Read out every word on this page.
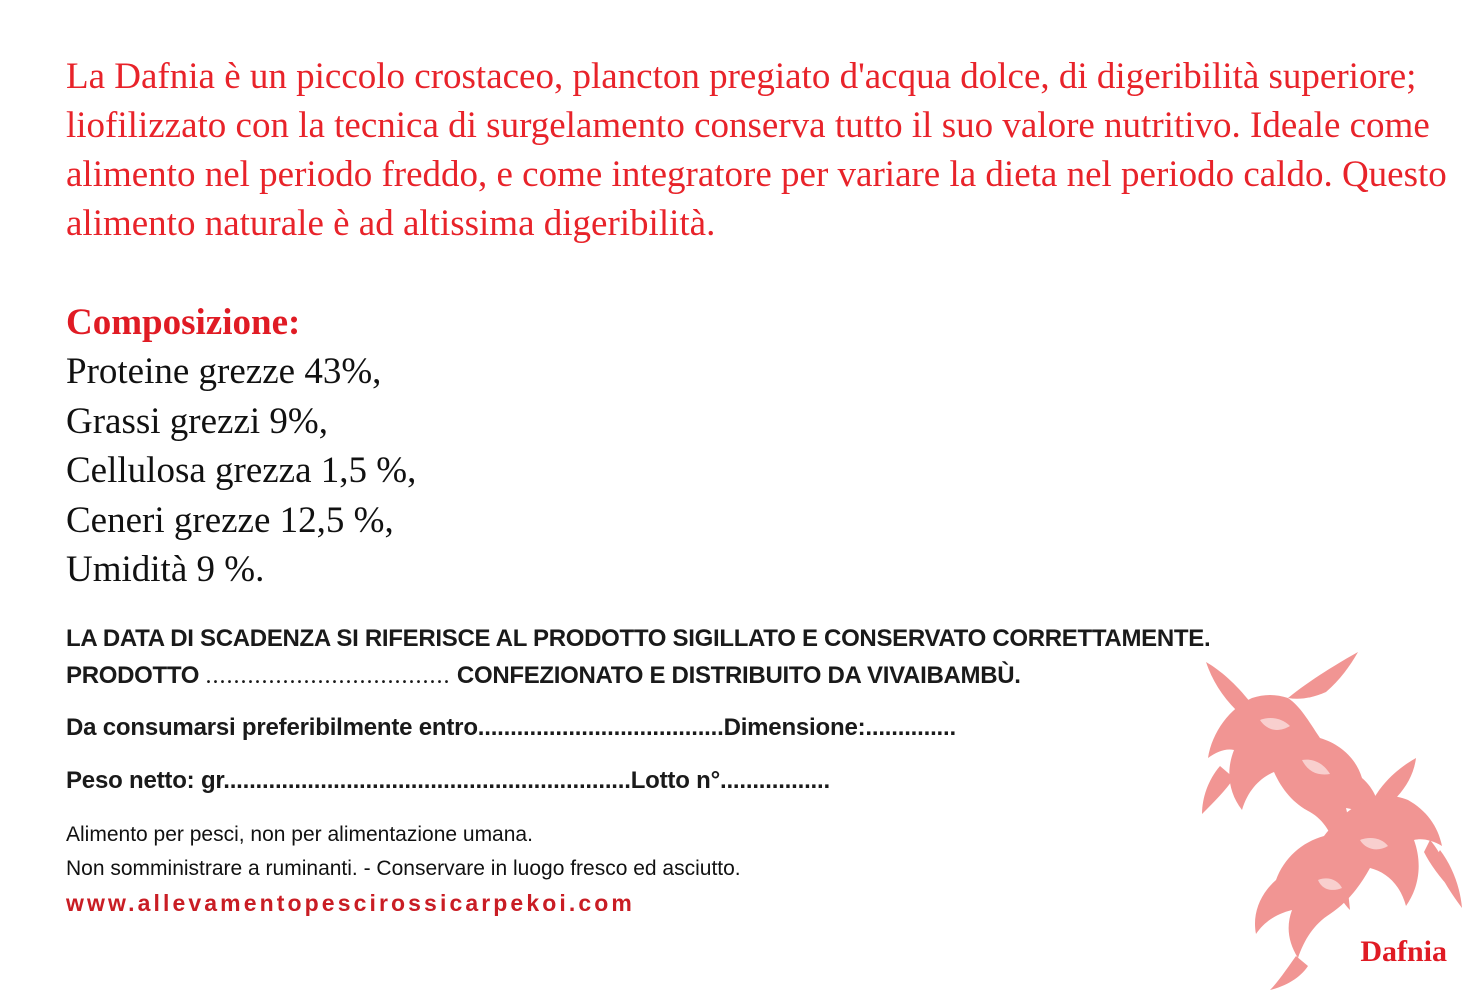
La Dafnia è un piccolo crostaceo, plancton pregiato d'acqua dolce, di digeribilità superiore; liofilizzato con la tecnica di surgelamento conserva tutto il suo valore nutritivo. Ideale come alimento nel periodo freddo, e come integratore per variare la dieta nel periodo caldo. Questo alimento naturale è ad altissima digeribilità.

Composizione:
Proteine grezze 43%,
Grassi grezzi 9%,
Cellulosa grezza 1,5 %,
Ceneri grezze 12,5 %,
Umidità 9 %.
LA DATA DI SCADENZA SI RIFERISCE AL PRODOTTO SIGILLATO E CONSERVATO CORRETTAMENTE.
PRODOTTO ................................... CONFEZIONATO E DISTRIBUITO DA VIVAIBAMBÙ.
Da consumarsi preferibilmente entro......................................Dimensione:..............
Peso netto: gr...............................................................Lotto n°.................
Alimento per pesci, non per alimentazione umana.
Non somministrare a ruminanti. - Conservare in luogo fresco ed asciutto.
www.allevamentopescirossicarpekoi.com
Dafnia
